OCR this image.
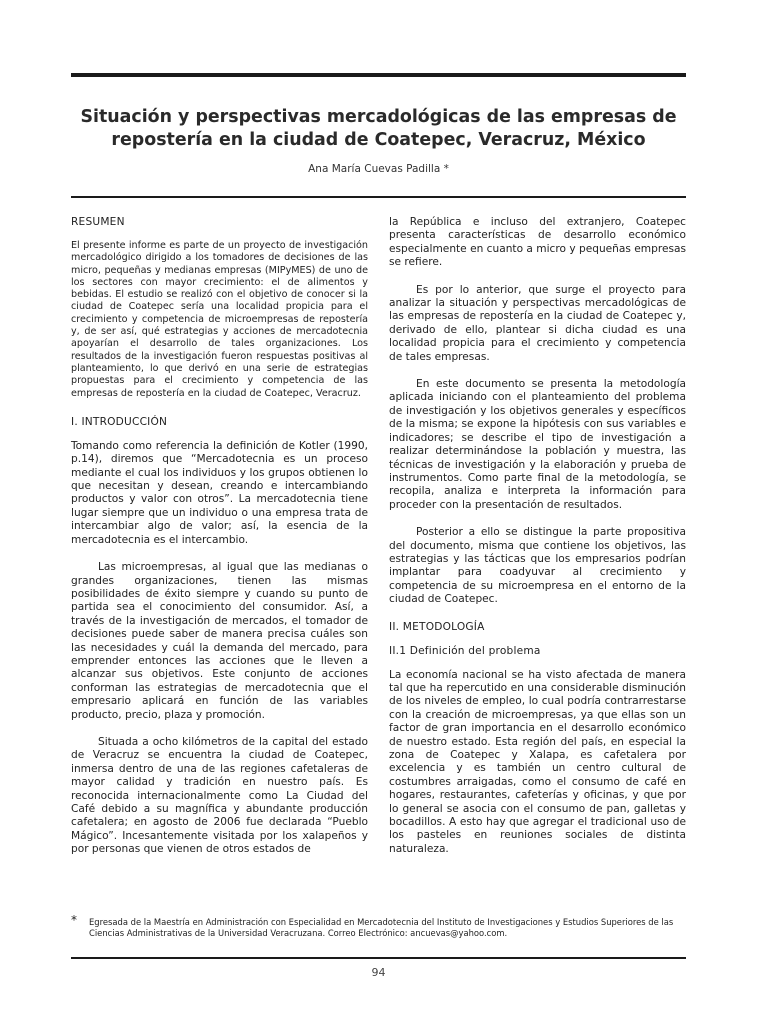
Situación y perspectivas mercadológicas de las empresas de repostería en la ciudad de Coatepec, Veracruz, México
Ana María Cuevas Padilla *
RESUMEN

El presente informe es parte de un proyecto de investigación mercadológico dirigido a los tomadores de decisiones de las micro, pequeñas y medianas empresas (MIPyMES) de uno de los sectores con mayor crecimiento: el de alimentos y bebidas. El estudio se realizó con el objetivo de conocer si la ciudad de Coatepec sería una localidad propicia para el crecimiento y competencia de microempresas de repostería y, de ser así, qué estrategias y acciones de mercadotecnia apoyarían el desarrollo de tales organizaciones. Los resultados de la investigación fueron respuestas positivas al planteamiento, lo que derivó en una serie de estrategias propuestas para el crecimiento y competencia de las empresas de repostería en la ciudad de Coatepec, Veracruz.

I. INTRODUCCIÓN

Tomando como referencia la definición de Kotler (1990, p.14), diremos que “Mercadotecnia es un proceso mediante el cual los individuos y los grupos obtienen lo que necesitan y desean, creando e intercambiando productos y valor con otros”. La mercadotecnia tiene lugar siempre que un individuo o una empresa trata de intercambiar algo de valor; así, la esencia de la mercadotecnia es el intercambio.

Las microempresas, al igual que las medianas o grandes organizaciones, tienen las mismas posibilidades de éxito siempre y cuando su punto de partida sea el conocimiento del consumidor. Así, a través de la investigación de mercados, el tomador de decisiones puede saber de manera precisa cuáles son las necesidades y cuál la demanda del mercado, para emprender entonces las acciones que le lleven a alcanzar sus objetivos. Este conjunto de acciones conforman las estrategias de mercadotecnia que el empresario aplicará en función de las variables producto, precio, plaza y promoción.

Situada a ocho kilómetros de la capital del estado de Veracruz se encuentra la ciudad de Coatepec, inmersa dentro de una de las regiones cafetaleras de mayor calidad y tradición en nuestro país. Es reconocida internacionalmente como La Ciudad del Café debido a su magnífica y abundante producción cafetalera; en agosto de 2006 fue declarada “Pueblo Mágico”. Incesantemente visitada por los xalapeños y por personas que vienen de otros estados de

la República e incluso del extranjero, Coatepec presenta características de desarrollo económico especialmente en cuanto a micro y pequeñas empresas se refiere.

Es por lo anterior, que surge el proyecto para analizar la situación y perspectivas mercadológicas de las empresas de repostería en la ciudad de Coatepec y, derivado de ello, plantear si dicha ciudad es una localidad propicia para el crecimiento y competencia de tales empresas.

En este documento se presenta la metodología aplicada iniciando con el planteamiento del problema de investigación y los objetivos generales y específicos de la misma; se expone la hipótesis con sus variables e indicadores; se describe el tipo de investigación a realizar determinándose la población y muestra, las técnicas de investigación y la elaboración y prueba de instrumentos. Como parte final de la metodología, se recopila, analiza e interpreta la información para proceder con la presentación de resultados.

Posterior a ello se distingue la parte propositiva del documento, misma que contiene los objetivos, las estrategias y las tácticas que los empresarios podrían implantar para coadyuvar al crecimiento y competencia de su microempresa en el entorno de la ciudad de Coatepec.

II. METODOLOGÍA
II.1 Definición del problema

La economía nacional se ha visto afectada de manera tal que ha repercutido en una considerable disminución de los niveles de empleo, lo cual podría contrarrestarse con la creación de microempresas, ya que ellas son un factor de gran importancia en el desarrollo económico de nuestro estado. Esta región del país, en especial la zona de Coatepec y Xalapa, es cafetalera por excelencia y es también un centro cultural de costumbres arraigadas, como el consumo de café en hogares, restaurantes, cafeterías y oficinas, y que por lo general se asocia con el consumo de pan, galletas y bocadillos. A esto hay que agregar el tradicional uso de los pasteles en reuniones sociales de distinta naturaleza.

*	Egresada de la Maestría en Administración con Especialidad en Mercadotecnia del Instituto de Investigaciones y Estudios Superiores de las Ciencias Administrativas de la Universidad Veracruzana. Correo Electrónico: ancuevas@yahoo.com.
94
